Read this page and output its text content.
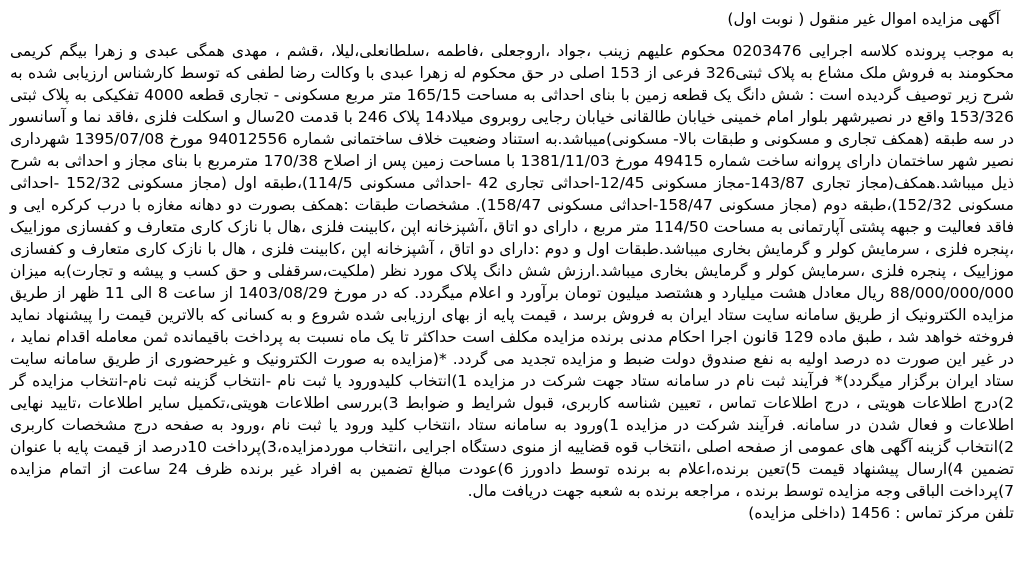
آگهی مزایده اموال غیر منقول ( نوبت اول)

به موجب پرونده کلاسه اجرایی 0203476 محکوم علیهم زینب ،جواد ،اروجعلی ،فاطمه ،سلطانعلی،لیلا، ،قشم ، مهدی همگی عبدی و زهرا بیگم کریمی محکومند به فروش ملک مشاع به پلاک ثبتی326 فرعی از 153 اصلی در حق محکوم له زهرا عبدی با وکالت رضا لطفی که توسط کارشناس ارزیابی شده به شرح زیر توصیف گردیده است : شش دانگ یک قطعه زمین با بنای احداثی به مساحت 165/15 متر مربع مسکونی - تجاری قطعه 4000 تفکیکی به پلاک ثبتی 153/326 واقع در نصیرشهر بلوار امام خمینی خیابان طالقانی خیابان رجایی روبروی میلاد14 پلاک 246 با قدمت 20سال و اسکلت فلزی ،فاقد نما و آسانسور در سه طبقه (همکف تجاری و مسکونی و طبقات بالا- مسکونی)میباشد.به استناد وضعیت خلاف ساختمانی شماره 94012556 مورخ 1395/07/08 شهرداری نصیر شهر ساختمان دارای پروانه ساخت شماره 49415 مورخ 1381/11/03 با مساحت زمین پس از اصلاح 170/38 مترمربع با بنای مجاز و احداثی به شرح ذیل میباشد.همکف(مجاز تجاری 143/87-مجاز مسکونی 12/45-احداثی تجاری 42 -احداثی مسکونی 114/5)،طبقه اول (مجاز مسکونی 152/32 -احداثی مسکونی 152/32)،طبقه دوم (مجاز مسکونی 158/47-احداثی مسکونی 158/47). مشخصات طبقات :همکف بصورت دو دهانه مغازه با درب کرکره ایی و فاقد فعالیت و جبهه پشتی آپارتمانی به مساحت 114/50 متر مربع ، دارای دو اتاق ،آشپزخانه اپن ،کابینت فلزی ،هال با نازک کاری متعارف و کفسازی موزاییک ،پنجره فلزی ، سرمایش کولر و گرمایش بخاری میباشد.طبقات اول و دوم :دارای دو اتاق ، آشپزخانه اپن ،کابینت فلزی ، هال با نازک کاری متعارف و کفسازی موزاییک ، پنجره فلزی ،سرمایش کولر و گرمایش بخاری میباشد.ارزش شش دانگ پلاک مورد نظر (ملکیت،سرقفلی و حق کسب و پیشه و تجارت)به میزان 88/000/000/000 ریال معادل هشت میلیارد و هشتصد میلیون تومان برآورد و اعلام میگردد. که در مورخ 1403/08/29 از ساعت 8 الی 11 ظهر از طریق مزایده الکترونیک از طریق سامانه سایت ستاد ایران به فروش برسد ، قیمت پایه از بهای ارزیابی شده شروع و به کسانی که بالاترین قیمت را پیشنهاد نماید فروخته خواهد شد ، طبق ماده 129 قانون اجرا احکام مدنی برنده مزایده مکلف است حداکثر تا یک ماه نسبت به پرداخت باقیمانده ثمن معامله اقدام نماید ، در غیر این صورت ده درصد اولیه به نفع صندوق دولت ضبط و مزایده تجدید می گردد. *(مزایده به صورت الکترونیک و غیرحضوری از طریق سامانه سایت ستاد ایران برگزار میگردد)* فرآیند ثبت نام در سامانه ستاد جهت شرکت در مزایده 1)انتخاب کلیدورود یا ثبت نام -انتخاب گزینه ثبت نام-انتخاب مزایده گر 2)درج اطلاعات هویتی ، درج اطلاعات تماس ، تعیین شناسه کاربری، قبول شرایط و ضوابط 3)بررسی اطلاعات هویتی،تکمیل سایر اطلاعات ،تایید نهایی اطلاعات و فعال شدن در سامانه. فرآیند شرکت در مزایده 1)ورود به سامانه ستاد ،انتخاب کلید ورود یا ثبت نام ،ورود به صفحه درج مشخصات کاربری 2)انتخاب گزینه آگهی های عمومی از صفحه اصلی ،انتخاب قوه قضاییه از منوی دستگاه اجرایی ،انتخاب موردمزایده،3)پرداخت 10درصد از قیمت پایه با عنوان تضمین 4)ارسال پیشنهاد قیمت 5)تعین برنده،اعلام به برنده توسط دادورز 6)عودت مبالغ تضمین به افراد غیر برنده ظرف 24 ساعت از اتمام مزایده 7)پرداخت الباقی وجه مزایده توسط برنده ، مراجعه برنده به شعبه جهت دریافت مال.

تلفن مرکز تماس : 1456 (داخلی مزایده)
